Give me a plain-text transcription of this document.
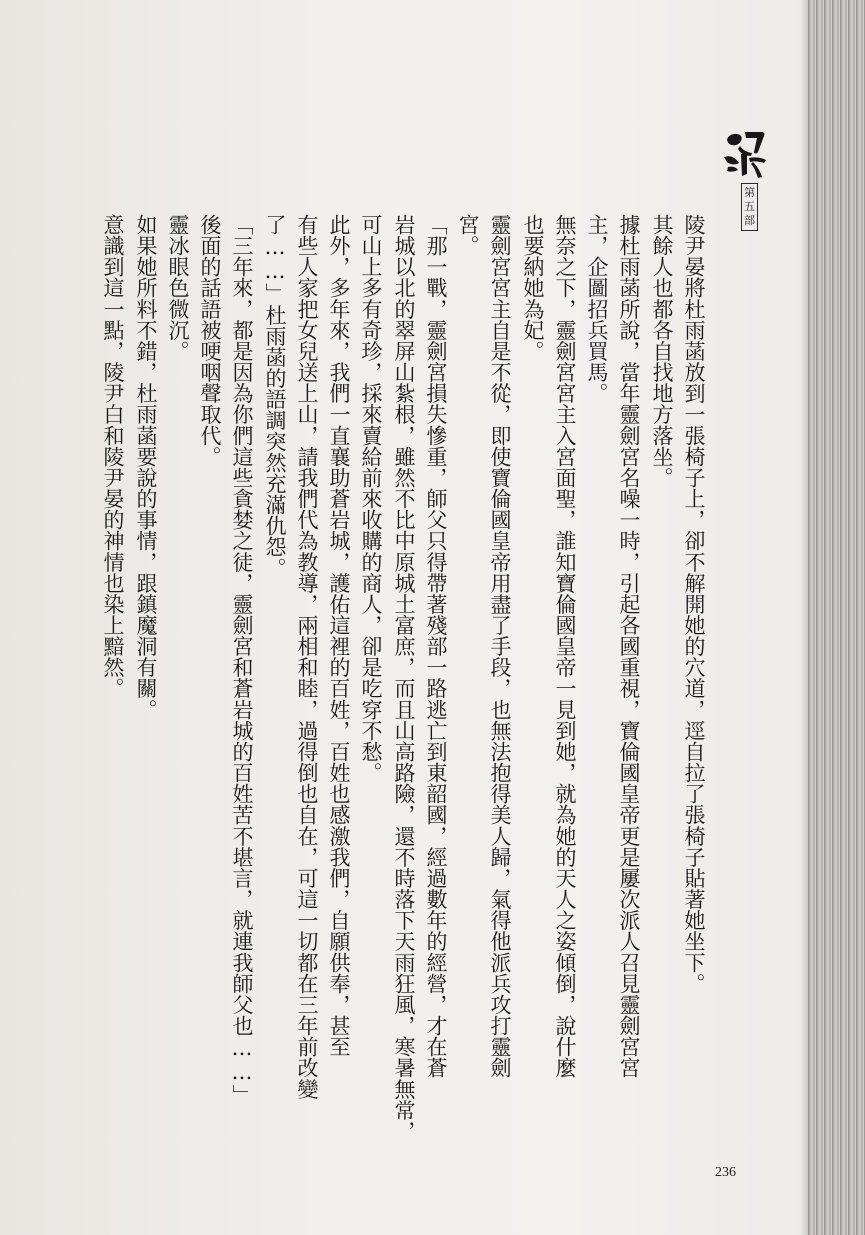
第五部
陵尹晏將杜雨菡放到一張椅子上，卻不解開她的穴道，逕自拉了張椅子貼著她坐下。
其餘人也都各自找地方落坐。
據杜雨菡所說，當年靈劍宮名噪一時，引起各國重視，寶倫國皇帝更是屢次派人召見靈劍宮宮
主，企圖招兵買馬。
無奈之下，靈劍宮宮主入宮面聖，誰知寶倫國皇帝一見到她，就為她的天人之姿傾倒，說什麼
也要納她為妃。
靈劍宮宮主自是不從，即使寶倫國皇帝用盡了手段，也無法抱得美人歸，氣得他派兵攻打靈劍
宮。
「那一戰，靈劍宮損失慘重，師父只得帶著殘部一路逃亡到東韶國，經過數年的經營，才在蒼
岩城以北的翠屏山紮根，雖然不比中原城土富庶，而且山高路險，還不時落下天雨狂風，寒暑無常，
可山上多有奇珍，採來賣給前來收購的商人，卻是吃穿不愁。
此外，多年來，我們一直襄助蒼岩城，護佑這裡的百姓，百姓也感激我們，自願供奉，甚至
有些人家把女兒送上山，請我們代為教導，兩相和睦，過得倒也自在，可這一切都在三年前改變
了……」杜雨菡的語調突然充滿仇怨。
「三年來，都是因為你們這些貪婪之徒，靈劍宮和蒼岩城的百姓苦不堪言，就連我師父也……」
後面的話語被哽咽聲取代。
靈冰眼色微沉。
如果她所料不錯，杜雨菡要說的事情，跟鎮魔洞有關。
意識到這一點，陵尹白和陵尹晏的神情也染上黯然。
236
